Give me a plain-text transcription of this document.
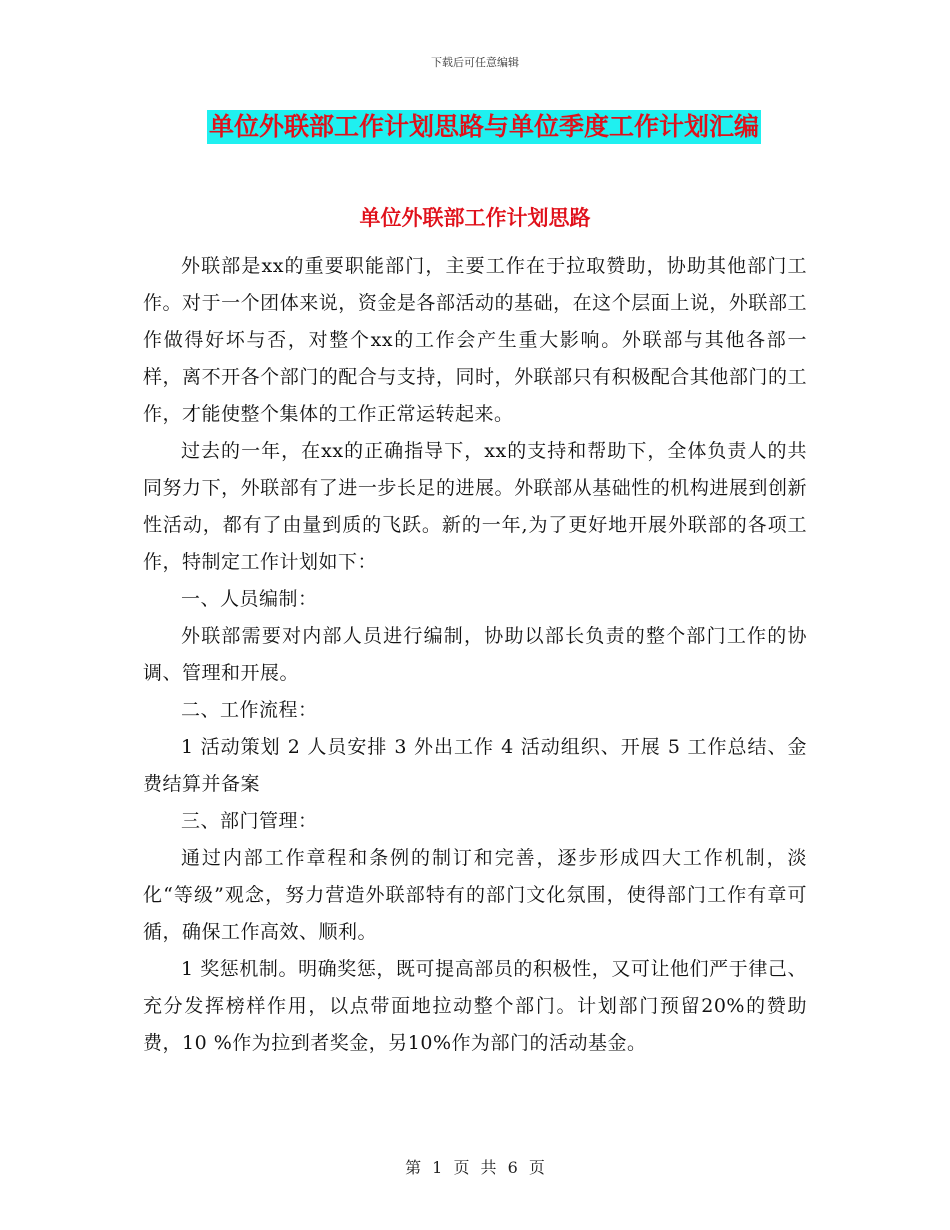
下载后可任意编辑
单位外联部工作计划思路与单位季度工作计划汇编
单位外联部工作计划思路

外联部是xx的重要职能部门，主要工作在于拉取赞助，协助其他部门工作。对于一个团体来说，资金是各部活动的基础，在这个层面上说，外联部工作做得好坏与否，对整个xx的工作会产生重大影响。外联部与其他各部一样，离不开各个部门的配合与支持，同时，外联部只有积极配合其他部门的工作，才能使整个集体的工作正常运转起来。

过去的一年，在xx的正确指导下，xx的支持和帮助下，全体负责人的共同努力下，外联部有了进一步长足的进展。外联部从基础性的机构进展到创新性活动，都有了由量到质的飞跃。新的一年,为了更好地开展外联部的各项工作，特制定工作计划如下：

一、人员编制：

外联部需要对内部人员进行编制，协助以部长负责的整个部门工作的协调、管理和开展。

二、工作流程：

1 活动策划 2 人员安排 3 外出工作 4 活动组织、开展 5 工作总结、金费结算并备案

三、部门管理：

通过内部工作章程和条例的制订和完善，逐步形成四大工作机制，淡化“等级”观念，努力营造外联部特有的部门文化氛围，使得部门工作有章可循，确保工作高效、顺利。

1 奖惩机制。明确奖惩，既可提高部员的积极性，又可让他们严于律己、充分发挥榜样作用，以点带面地拉动整个部门。计划部门预留20%的赞助费，10 %作为拉到者奖金，另10%作为部门的活动基金。

第 1 页 共 6 页
